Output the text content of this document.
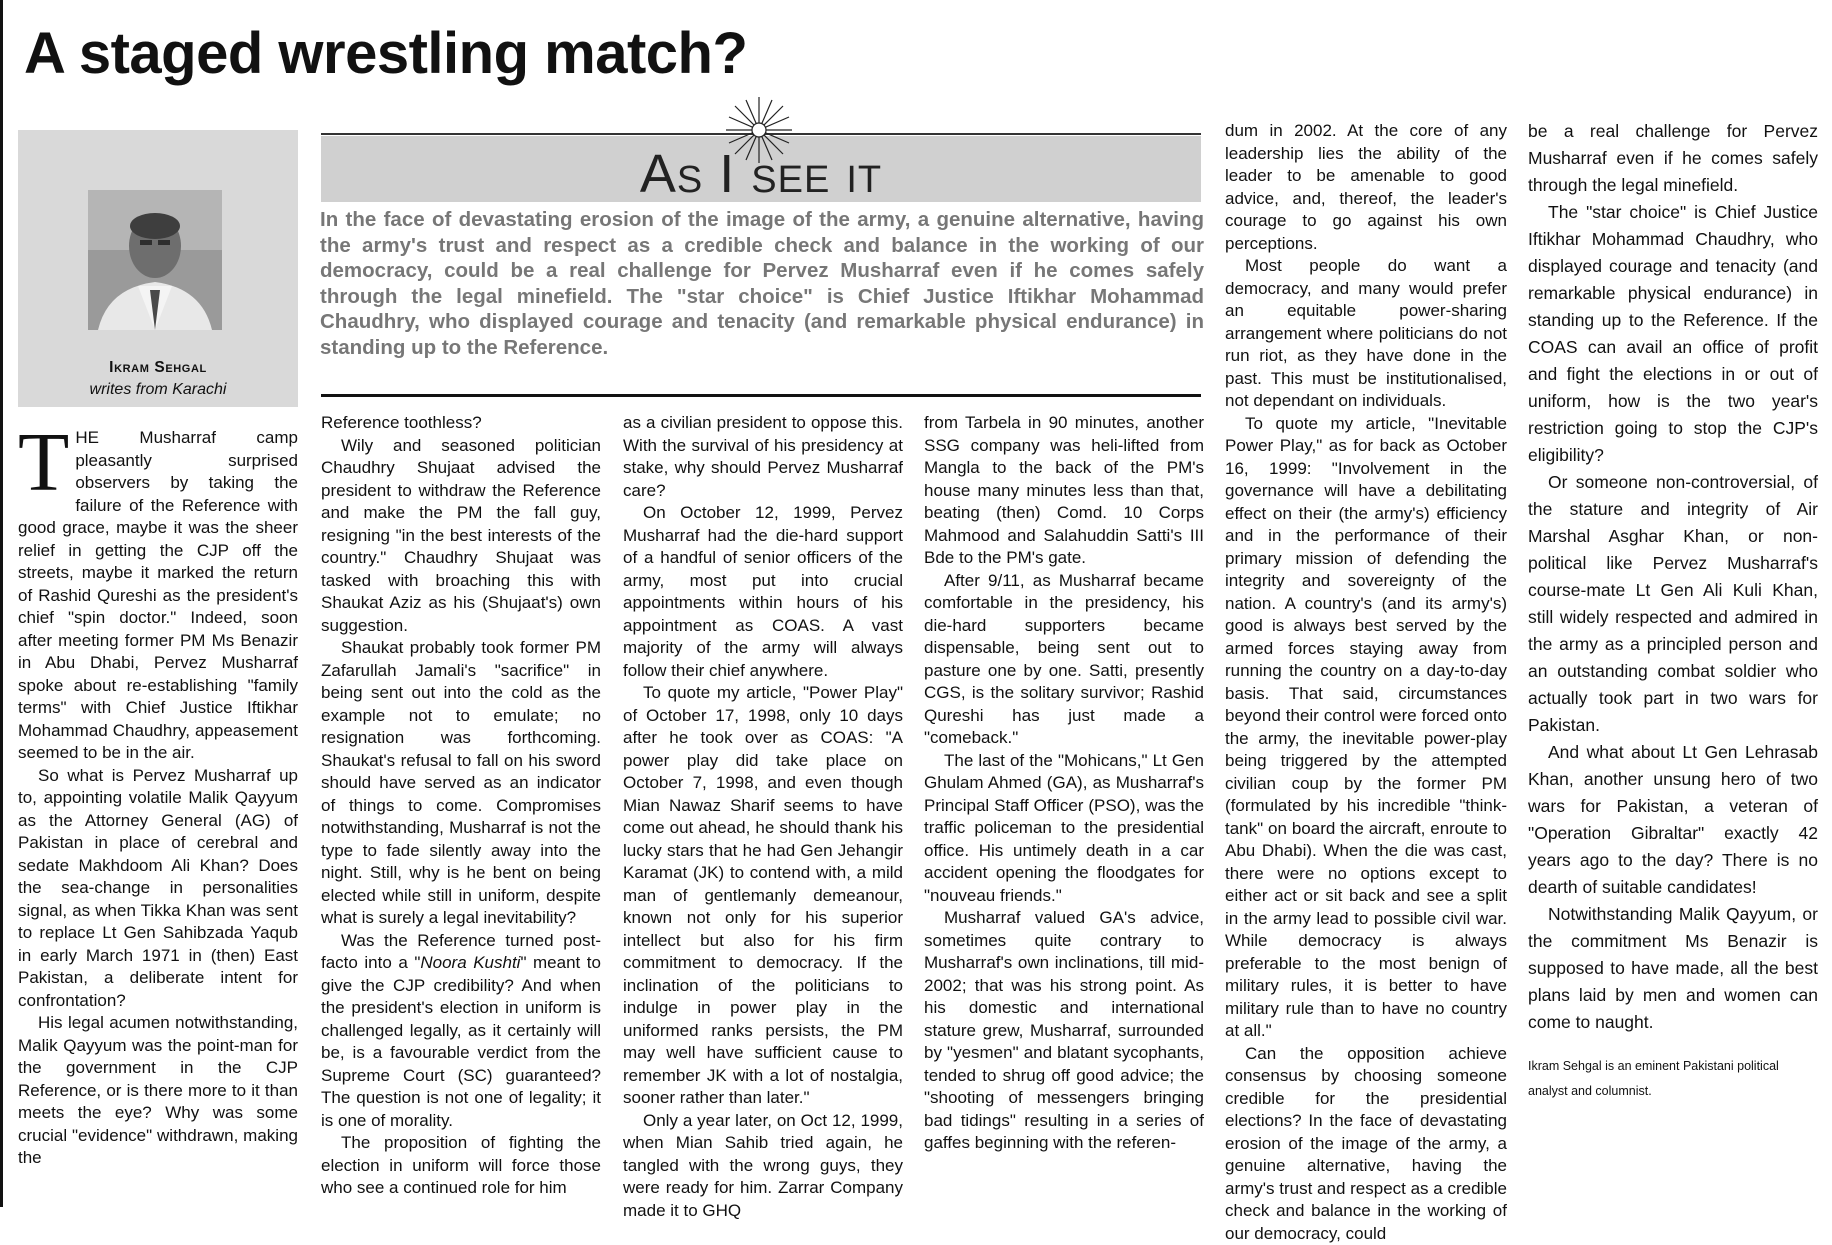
A staged wrestling match?
Ikram Sehgal
writes from Karachi
As I see it

In the face of devastating erosion of the image of the army, a genuine alternative, having the army's trust and respect as a credible check and balance in the working of our democracy, could be a real challenge for Pervez Musharraf even if he comes safely through the legal minefield. The "star choice" is Chief Justice Iftikhar Mohammad Chaudhry, who displayed courage and tenacity (and remarkable physical endurance) in standing up to the Reference.

THE Musharraf camp pleasantly surprised observers by taking the failure of the Reference with good grace, maybe it was the sheer relief in getting the CJP off the streets, maybe it marked the return of Rashid Qureshi as the president's chief "spin doctor." Indeed, soon after meeting former PM Ms Benazir in Abu Dhabi, Pervez Musharraf spoke about re-establishing "family terms" with Chief Justice Iftikhar Mohammad Chaudhry, appeasement seemed to be in the air.

So what is Pervez Musharraf up to, appointing volatile Malik Qayyum as the Attorney General (AG) of Pakistan in place of cerebral and sedate Makhdoom Ali Khan? Does the sea-change in personalities signal, as when Tikka Khan was sent to replace Lt Gen Sahibzada Yaqub in early March 1971 in (then) East Pakistan, a deliberate intent for confrontation?

His legal acumen notwithstanding, Malik Qayyum was the point-man for the government in the CJP Reference, or is there more to it than meets the eye? Why was some crucial "evidence" withdrawn, making the

Reference toothless?

Wily and seasoned politician Chaudhry Shujaat advised the president to withdraw the Reference and make the PM the fall guy, resigning "in the best interests of the country." Chaudhry Shujaat was tasked with broaching this with Shaukat Aziz as his (Shujaat's) own suggestion.

Shaukat probably took former PM Zafarullah Jamali's "sacrifice" in being sent out into the cold as the example not to emulate; no resignation was forthcoming. Shaukat's refusal to fall on his sword should have served as an indicator of things to come. Compromises notwithstanding, Musharraf is not the type to fade silently away into the night. Still, why is he bent on being elected while still in uniform, despite what is surely a legal inevitability?

Was the Reference turned post-facto into a "Noora Kushti" meant to give the CJP credibility? And when the president's election in uniform is challenged legally, as it certainly will be, is a favourable verdict from the Supreme Court (SC) guaranteed? The question is not one of legality; it is one of morality.

The proposition of fighting the election in uniform will force those who see a continued role for him

as a civilian president to oppose this. With the survival of his presidency at stake, why should Pervez Musharraf care?

On October 12, 1999, Pervez Musharraf had the die-hard support of a handful of senior officers of the army, most put into crucial appointments within hours of his appointment as COAS. A vast majority of the army will always follow their chief anywhere.

To quote my article, "Power Play" of October 17, 1998, only 10 days after he took over as COAS: "A power play did take place on October 7, 1998, and even though Mian Nawaz Sharif seems to have come out ahead, he should thank his lucky stars that he had Gen Jehangir Karamat (JK) to contend with, a mild man of gentlemanly demeanour, known not only for his superior intellect but also for his firm commitment to democracy. If the inclination of the politicians to indulge in power play in the uniformed ranks persists, the PM may well have sufficient cause to remember JK with a lot of nostalgia, sooner rather than later."

Only a year later, on Oct 12, 1999, when Mian Sahib tried again, he tangled with the wrong guys, they were ready for him. Zarrar Company made it to GHQ

from Tarbela in 90 minutes, another SSG company was heli-lifted from Mangla to the back of the PM's house many minutes less than that, beating (then) Comd. 10 Corps Mahmood and Salahuddin Satti's III Bde to the PM's gate.

After 9/11, as Musharraf became comfortable in the presidency, his die-hard supporters became dispensable, being sent out to pasture one by one. Satti, presently CGS, is the solitary survivor; Rashid Qureshi has just made a "comeback."

The last of the "Mohicans," Lt Gen Ghulam Ahmed (GA), as Musharraf's Principal Staff Officer (PSO), was the traffic policeman to the presidential office. His untimely death in a car accident opening the floodgates for "nouveau friends."

Musharraf valued GA's advice, sometimes quite contrary to Musharraf's own inclinations, till mid-2002; that was his strong point. As his domestic and international stature grew, Musharraf, surrounded by "yesmen" and blatant sycophants, tended to shrug off good advice; the "shooting of messengers bringing bad tidings" resulting in a series of gaffes beginning with the referen-

dum in 2002. At the core of any leadership lies the ability of the leader to be amenable to good advice, and, thereof, the leader's courage to go against his own perceptions.

Most people do want a democracy, and many would prefer an equitable power-sharing arrangement where politicians do not run riot, as they have done in the past. This must be institutionalised, not dependant on individuals.

To quote my article, "Inevitable Power Play," as for back as October 16, 1999: "Involvement in the governance will have a debilitating effect on their (the army's) efficiency and in the performance of their primary mission of defending the integrity and sovereignty of the nation. A country's (and its army's) good is always best served by the armed forces staying away from running the country on a day-to-day basis. That said, circumstances beyond their control were forced onto the army, the inevitable power-play being triggered by the attempted civilian coup by the former PM (formulated by his incredible "think-tank" on board the aircraft, enroute to Abu Dhabi). When the die was cast, there were no options except to either act or sit back and see a split in the army lead to possible civil war. While democracy is always preferable to the most benign of military rules, it is better to have military rule than to have no country at all."

Can the opposition achieve consensus by choosing someone credible for the presidential elections? In the face of devastating erosion of the image of the army, a genuine alternative, having the army's trust and respect as a credible check and balance in the working of our democracy, could

be a real challenge for Pervez Musharraf even if he comes safely through the legal minefield.

The "star choice" is Chief Justice Iftikhar Mohammad Chaudhry, who displayed courage and tenacity (and remarkable physical endurance) in standing up to the Reference. If the COAS can avail an office of profit and fight the elections in or out of uniform, how is the two year's restriction going to stop the CJP's eligibility?

Or someone non-controversial, of the stature and integrity of Air Marshal Asghar Khan, or non-political like Pervez Musharraf's course-mate Lt Gen Ali Kuli Khan, still widely respected and admired in the army as a principled person and an outstanding combat soldier who actually took part in two wars for Pakistan.

And what about Lt Gen Lehrasab Khan, another unsung hero of two wars for Pakistan, a veteran of "Operation Gibraltar" exactly 42 years ago to the day? There is no dearth of suitable candidates!

Notwithstanding Malik Qayyum, or the commitment Ms Benazir is supposed to have made, all the best plans laid by men and women can come to naught.

Ikram Sehgal is an eminent Pakistani political analyst and columnist.
